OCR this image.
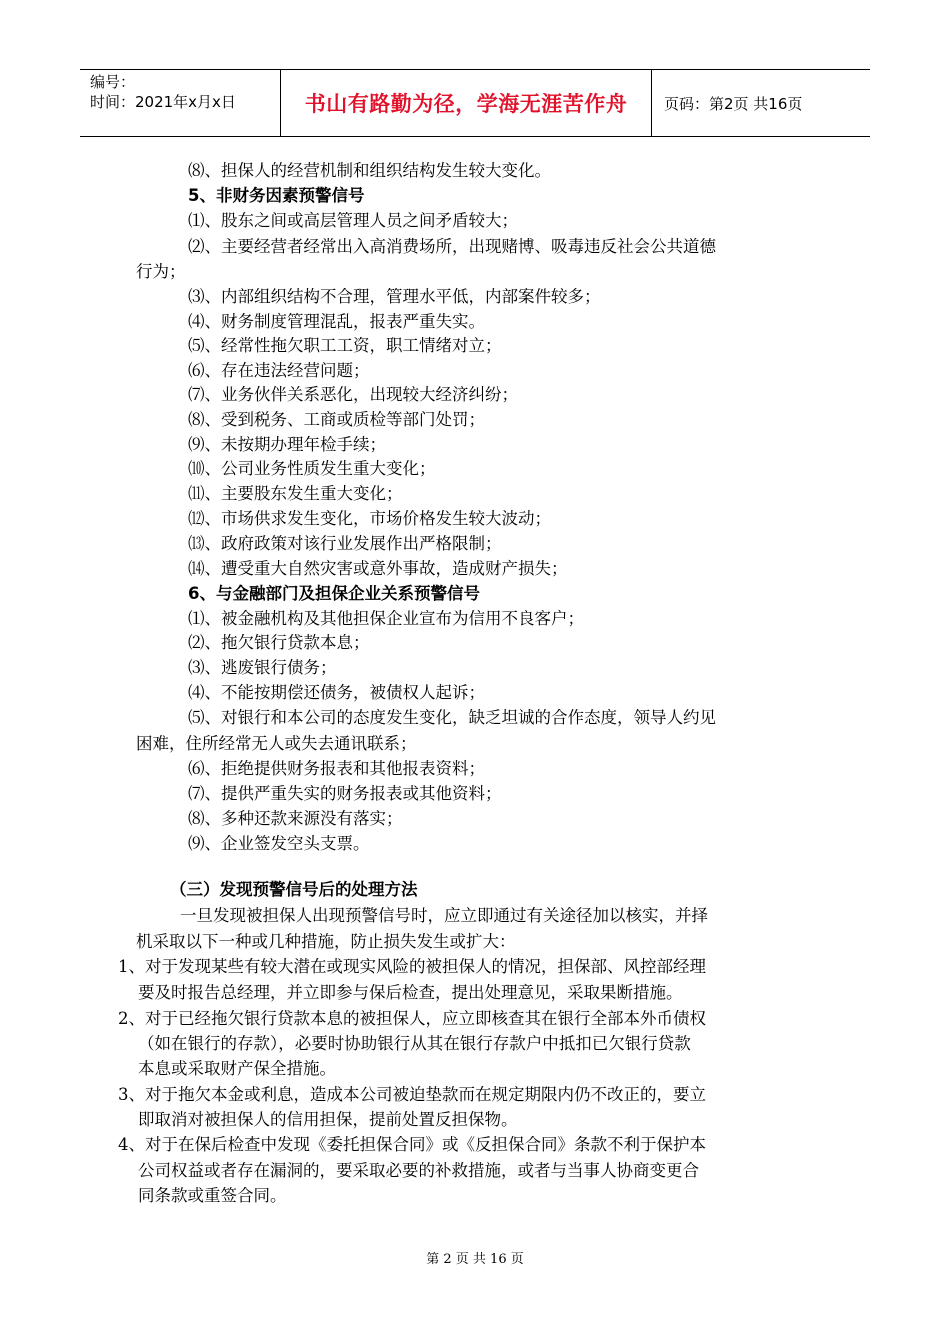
编号：
时间：2021年x月x日	书山有路勤为径，学海无涯苦作舟 页码：第2页 共16页
⑻、担保人的经营机制和组织结构发生较大变化。
5、非财务因素预警信号
⑴、股东之间或高层管理人员之间矛盾较大；
⑵、主要经营者经常出入高消费场所，出现赌博、吸毒违反社会公共道德
行为；
⑶、内部组织结构不合理，管理水平低，内部案件较多；
⑷、财务制度管理混乱，报表严重失实。
⑸、经常性拖欠职工工资，职工情绪对立；
⑹、存在违法经营问题；
⑺、业务伙伴关系恶化，出现较大经济纠纷；
⑻、受到税务、工商或质检等部门处罚；
⑼、未按期办理年检手续；
⑽、公司业务性质发生重大变化；
⑾、主要股东发生重大变化；
⑿、市场供求发生变化，市场价格发生较大波动；
⒀、政府政策对该行业发展作出严格限制；
⒁、遭受重大自然灾害或意外事故，造成财产损失；
6、与金融部门及担保企业关系预警信号
⑴、被金融机构及其他担保企业宣布为信用不良客户；
⑵、拖欠银行贷款本息；
⑶、逃废银行债务；
⑷、不能按期偿还债务，被债权人起诉；
⑸、对银行和本公司的态度发生变化，缺乏坦诚的合作态度，领导人约见
困难，住所经常无人或失去通讯联系；
⑹、拒绝提供财务报表和其他报表资料；
⑺、提供严重失实的财务报表或其他资料；
⑻、多种还款来源没有落实；
⑼、企业签发空头支票。
（三）发现预警信号后的处理方法
一旦发现被担保人出现预警信号时，应立即通过有关途径加以核实，并择
机采取以下一种或几种措施，防止损失发生或扩大：
1、对于发现某些有较大潜在或现实风险的被担保人的情况，担保部、风控部经理
要及时报告总经理，并立即参与保后检查，提出处理意见，采取果断措施。
2、对于已经拖欠银行贷款本息的被担保人，应立即核查其在银行全部本外币债权
（如在银行的存款），必要时协助银行从其在银行存款户中抵扣已欠银行贷款
本息或采取财产保全措施。
3、对于拖欠本金或利息，造成本公司被迫垫款而在规定期限内仍不改正的，要立
即取消对被担保人的信用担保，提前处置反担保物。
4、对于在保后检查中发现《委托担保合同》或《反担保合同》条款不利于保护本
公司权益或者存在漏洞的，要采取必要的补救措施，或者与当事人协商变更合
同条款或重签合同。
第 2 页 共 16 页
